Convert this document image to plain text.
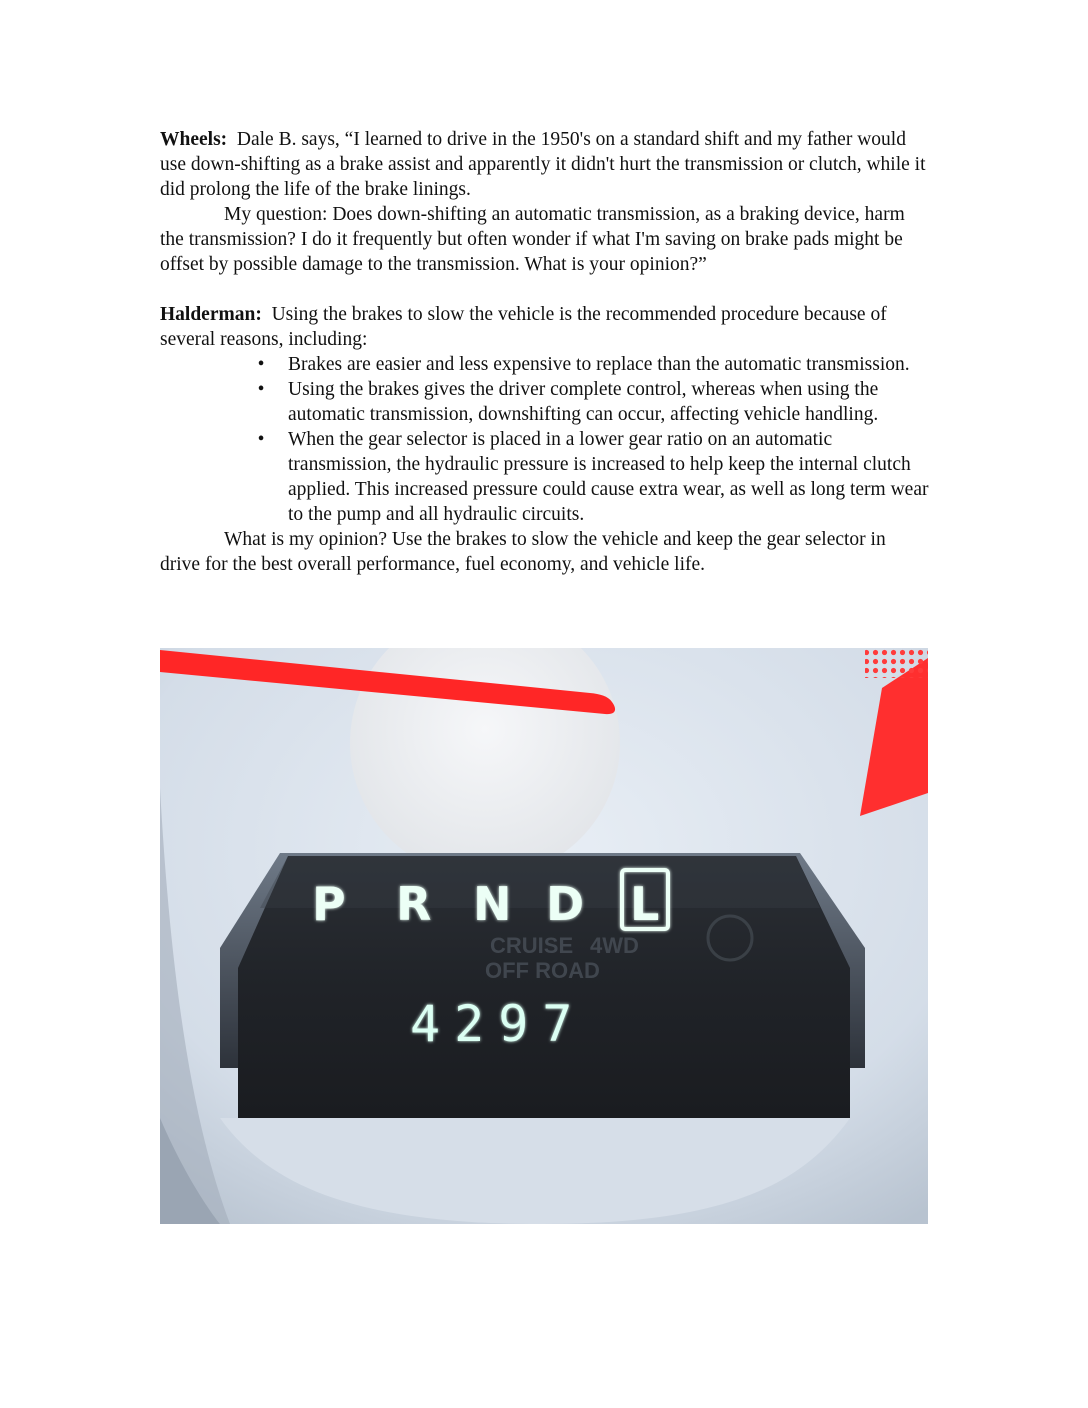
Wheels: Dale B. says, “I learned to drive in the 1950's on a standard shift and my father would use down-shifting as a brake assist and apparently it didn't hurt the transmission or clutch, while it did prolong the life of the brake linings.

My question: Does down-shifting an automatic transmission, as a braking device, harm the transmission? I do it frequently but often wonder if what I'm saving on brake pads might be offset by possible damage to the transmission. What is your opinion?”

Halderman: Using the brakes to slow the vehicle is the recommended procedure because of several reasons, including:

• Brakes are easier and less expensive to replace than the automatic transmission.
• Using the brakes gives the driver complete control, whereas when using the automatic transmission, downshifting can occur, affecting vehicle handling.
• When the gear selector is placed in a lower gear ratio on an automatic transmission, the hydraulic pressure is increased to help keep the internal clutch applied. This increased pressure could cause extra wear, as well as long term wear to the pump and all hydraulic circuits.

What is my opinion? Use the brakes to slow the vehicle and keep the gear selector in drive for the best overall performance, fuel economy, and vehicle life.

CRUISE 4WD
OFF ROAD
P R N D L
4297
